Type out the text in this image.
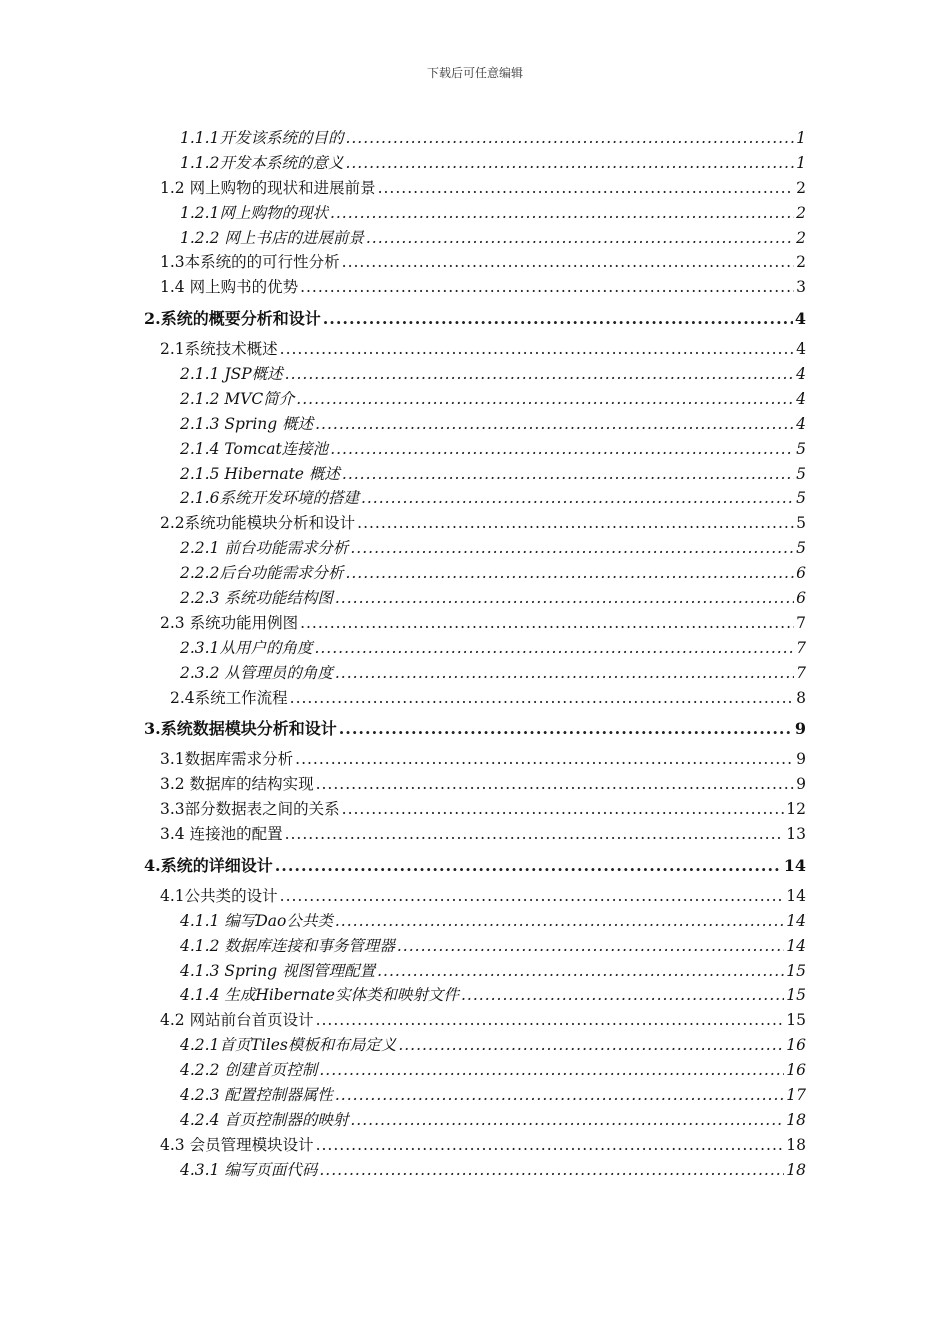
下载后可任意编辑
1.1.1开发该系统的目的 .....	1
1.1.2开发本系统的意义 .....	1
1.2 网上购物的现状和进展前景 .....	2
1.2.1网上购物的现状 .....	2
1.2.2 网上书店的进展前景 .....	2
1.3本系统的的可行性分析 .....	2
1.4 网上购书的优势 .....	3
2.系统的概要分析和设计 .....	4
2.1系统技术概述 .....	4
2.1.1 JSP概述 .....	4
2.1.2 MVC简介 .....	4
2.1.3 Spring 概述 .....	4
2.1.4 Tomcat连接池 .....	5
2.1.5 Hibernate 概述 .....	5
2.1.6系统开发环境的搭建 .....	5
2.2系统功能模块分析和设计 .....	5
2.2.1 前台功能需求分析 .....	5
2.2.2后台功能需求分析 .....	6
2.2.3 系统功能结构图 .....	6
2.3 系统功能用例图 .....	7
2.3.1从用户的角度 .....	7
2.3.2 从管理员的角度 .....	7
2.4系统工作流程 .....	8
3.系统数据模块分析和设计 .....	9
3.1数据库需求分析 .....	9
3.2 数据库的结构实现 .....	9
3.3部分数据表之间的关系 .....	12
3.4 连接池的配置 .....	13
4.系统的详细设计 .....	14
4.1公共类的设计 .....	14
4.1.1 编写Dao公共类 .....	14
4.1.2 数据库连接和事务管理器 .....	14
4.1.3 Spring 视图管理配置 .....	15
4.1.4 生成Hibernate实体类和映射文件 .....	15
4.2 网站前台首页设计 .....	15
4.2.1首页Tiles模板和布局定义 .....	16
4.2.2 创建首页控制 .....	16
4.2.3 配置控制器属性 .....	17
4.2.4 首页控制器的映射 .....	18
4.3 会员管理模块设计 .....	18
4.3.1 编写页面代码 .....	18
